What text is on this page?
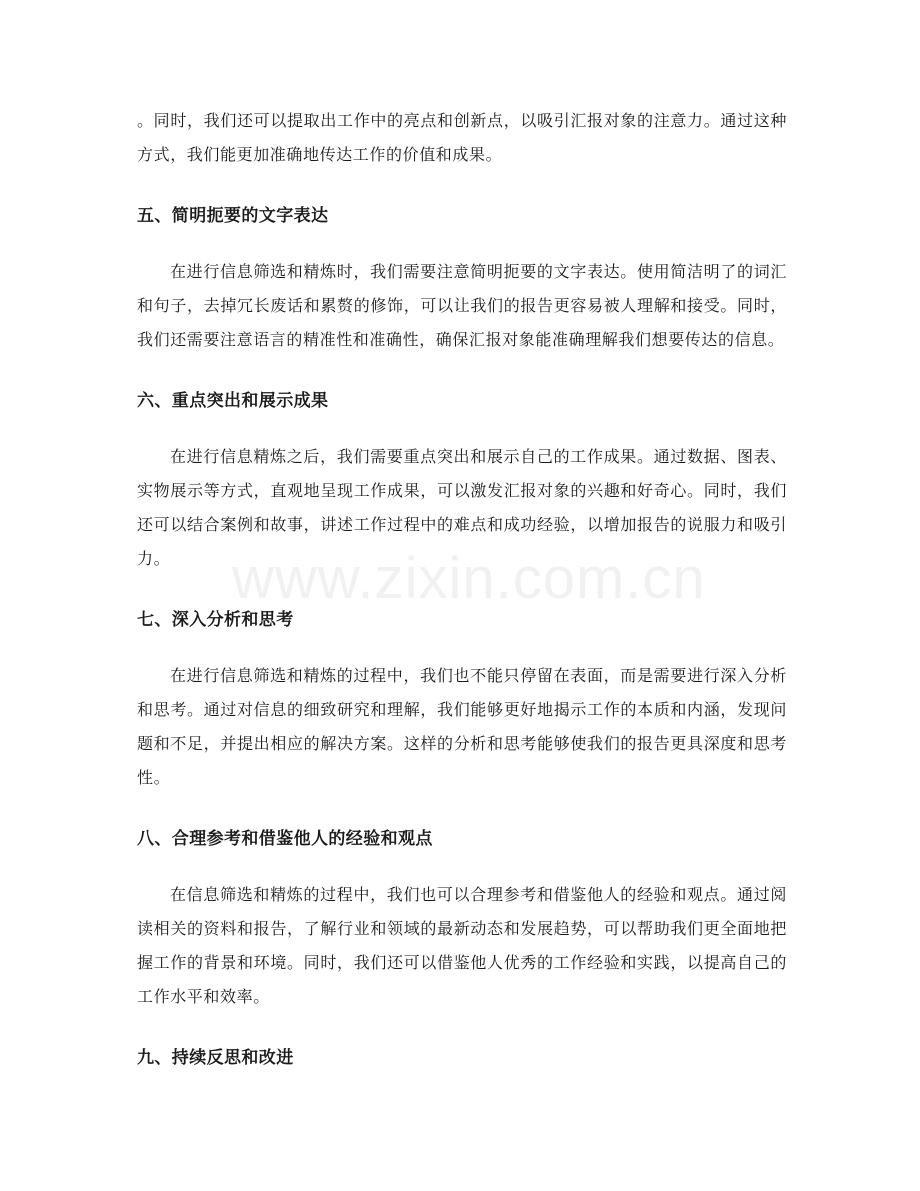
。同时，我们还可以提取出工作中的亮点和创新点，以吸引汇报对象的注意力。通过这种方式，我们能更加准确地传达工作的价值和成果。

五、简明扼要的文字表达

在进行信息筛选和精炼时，我们需要注意简明扼要的文字表达。使用简洁明了的词汇和句子，去掉冗长废话和累赘的修饰，可以让我们的报告更容易被人理解和接受。同时，我们还需要注意语言的精准性和准确性，确保汇报对象能准确理解我们想要传达的信息。

六、重点突出和展示成果

在进行信息精炼之后，我们需要重点突出和展示自己的工作成果。通过数据、图表、实物展示等方式，直观地呈现工作成果，可以激发汇报对象的兴趣和好奇心。同时，我们还可以结合案例和故事，讲述工作过程中的难点和成功经验，以增加报告的说服力和吸引力。

七、深入分析和思考

在进行信息筛选和精炼的过程中，我们也不能只停留在表面，而是需要进行深入分析和思考。通过对信息的细致研究和理解，我们能够更好地揭示工作的本质和内涵，发现问题和不足，并提出相应的解决方案。这样的分析和思考能够使我们的报告更具深度和思考性。

八、合理参考和借鉴他人的经验和观点

在信息筛选和精炼的过程中，我们也可以合理参考和借鉴他人的经验和观点。通过阅读相关的资料和报告，了解行业和领域的最新动态和发展趋势，可以帮助我们更全面地把握工作的背景和环境。同时，我们还可以借鉴他人优秀的工作经验和实践，以提高自己的工作水平和效率。

九、持续反思和改进

www.zixin.com.cn
